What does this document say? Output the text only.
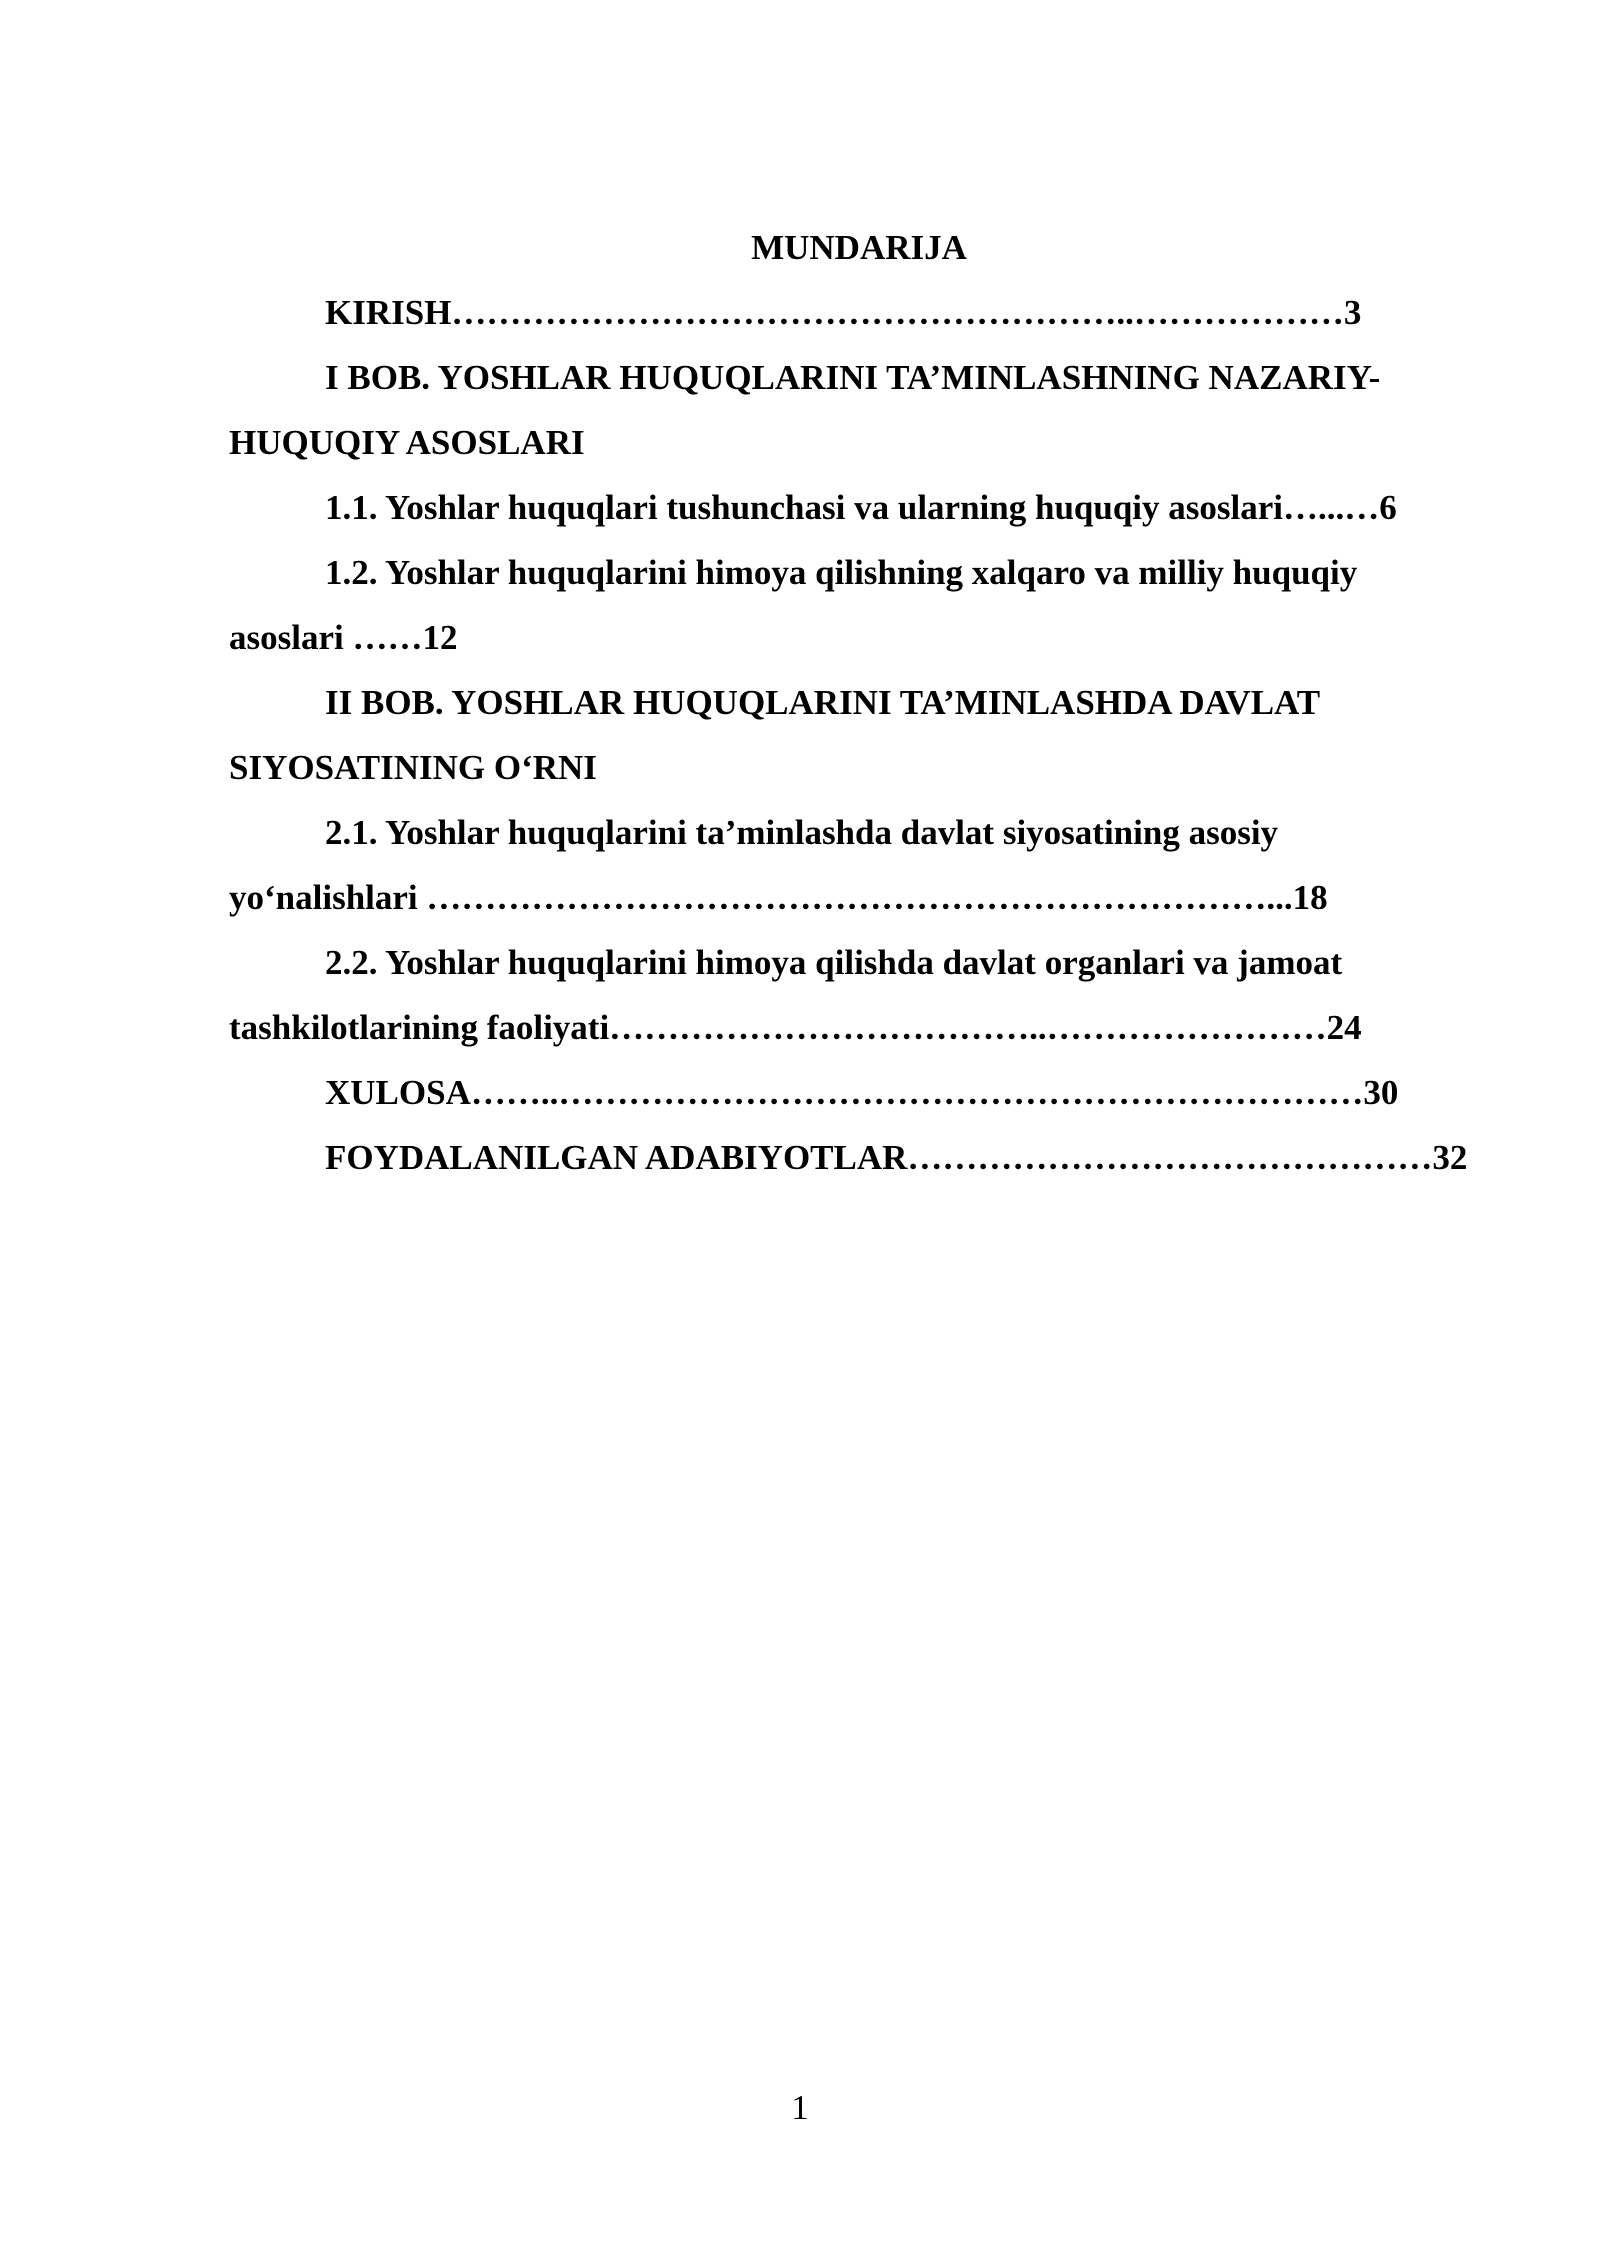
MUNDARIJA
KIRISH…………………………………………………..………………3
I BOB. YOSHLAR HUQUQLARINI TA’MINLASHNING NAZARIY-
HUQUQIY ASOSLARI
1.1. Yoshlar huquqlari tushunchasi va ularning huquqiy asoslari…...…6
1.2. Yoshlar huquqlarini himoya qilishning xalqaro va milliy huquqiy
asoslari ……12
II BOB. YOSHLAR HUQUQLARINI TA’MINLASHDA DAVLAT
SIYOSATINING O‘RNI
2.1. Yoshlar huquqlarini ta’minlashda davlat siyosatining asosiy
yo‘nalishlari ………………………………………………………………...18
2.2. Yoshlar huquqlarini himoya qilishda davlat organlari va jamoat
tashkilotlarining faoliyati………………………………..……………………24
XULOSA……..……………………………………………………………30
FOYDALANILGAN ADABIYOTLAR………………………………………32
1
